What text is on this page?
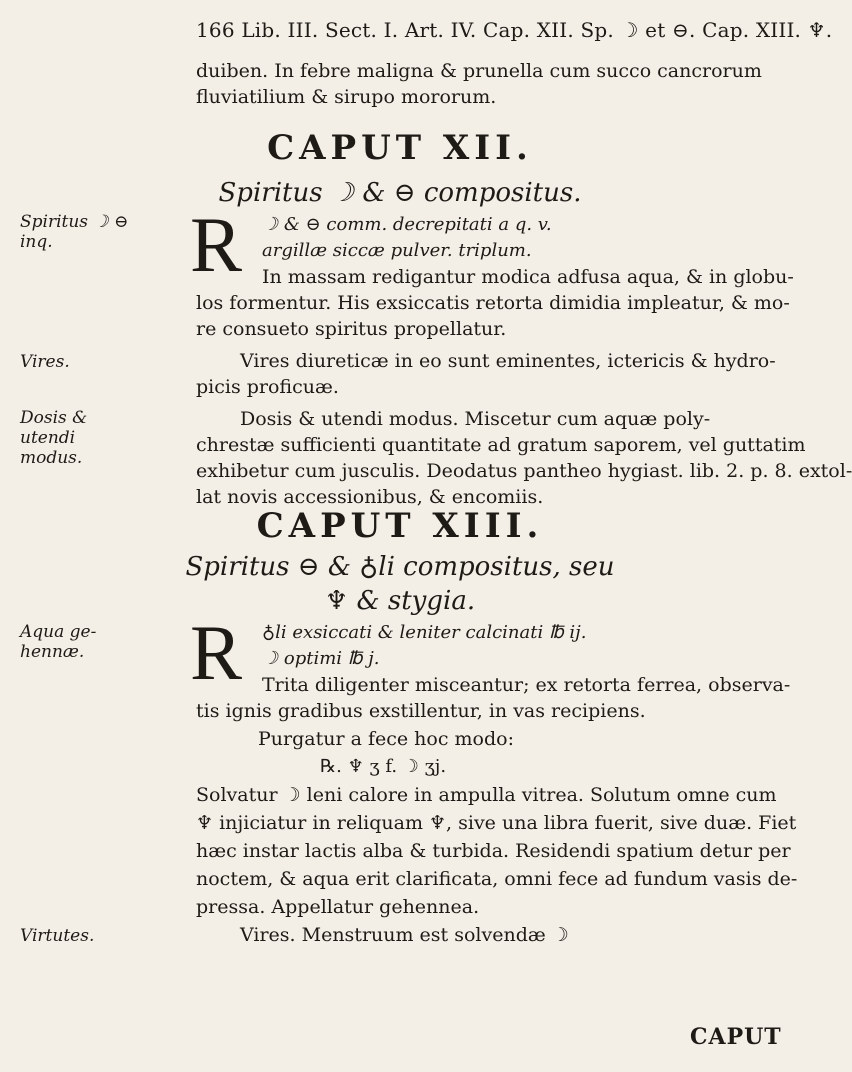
166 Lib. III. Sect. I. Art. IV. Cap. XII. Sp. ☽ et ⊖. Cap. XIII. ♆.
duiben. In febre maligna & prunella cum succo cancrorum
fluviatilium & sirupo mororum.
CAPUT XII.
Spiritus ☽ & ⊖ compositus.
Spiritus ☽ ⊖ inq.	R ☽ & ⊖ comm. decrepitati a q. v.
argillæ siccæ pulver. triplum.
In massam redigantur modica adfusa aqua, & in globu-
los formentur. His exsiccatis retorta dimidia impleatur, & mo-
re consueto spiritus propellatur.
Vires.	Vires diureticæ in eo sunt eminentes, ictericis & hydro-
picis proficuæ.
Dosis & utendi modus.
Dosis & utendi modus. Miscetur cum aquæ poly-
chrestæ sufficienti quantitate ad gratum saporem, vel guttatim
exhibetur cum jusculis. Deodatus pantheo hygiast. lib. 2. p. 8. extol-
lat novis accessionibus, & encomiis.
CAPUT XIII.
Spiritus ⊖ & ♁li compositus, seu
♆ & stygia.
Aqua ge-hennæ.	R ♁li exsiccati & leniter calcinati ℔ ij.
☽ optimi ℔ j.
Trita diligenter misceantur; ex retorta ferrea, observa-
tis ignis gradibus exstillentur, in vas recipiens.
Purgatur a fece hoc modo:
℞. ♆ ʒ f. ☽ ʒj.
Solvatur ☽ leni calore in ampulla vitrea. Solutum omne cum
♆ injiciatur in reliquam ♆, sive una libra fuerit, sive duæ. Fiet
hæc instar lactis alba & turbida. Residendi spatium detur per
noctem, & aqua erit clarificata, omni fece ad fundum vasis de-
pressa. Appellatur gehennea.
Virtutes.	Vires. Menstruum est solvendæ ☽
CAPUT
